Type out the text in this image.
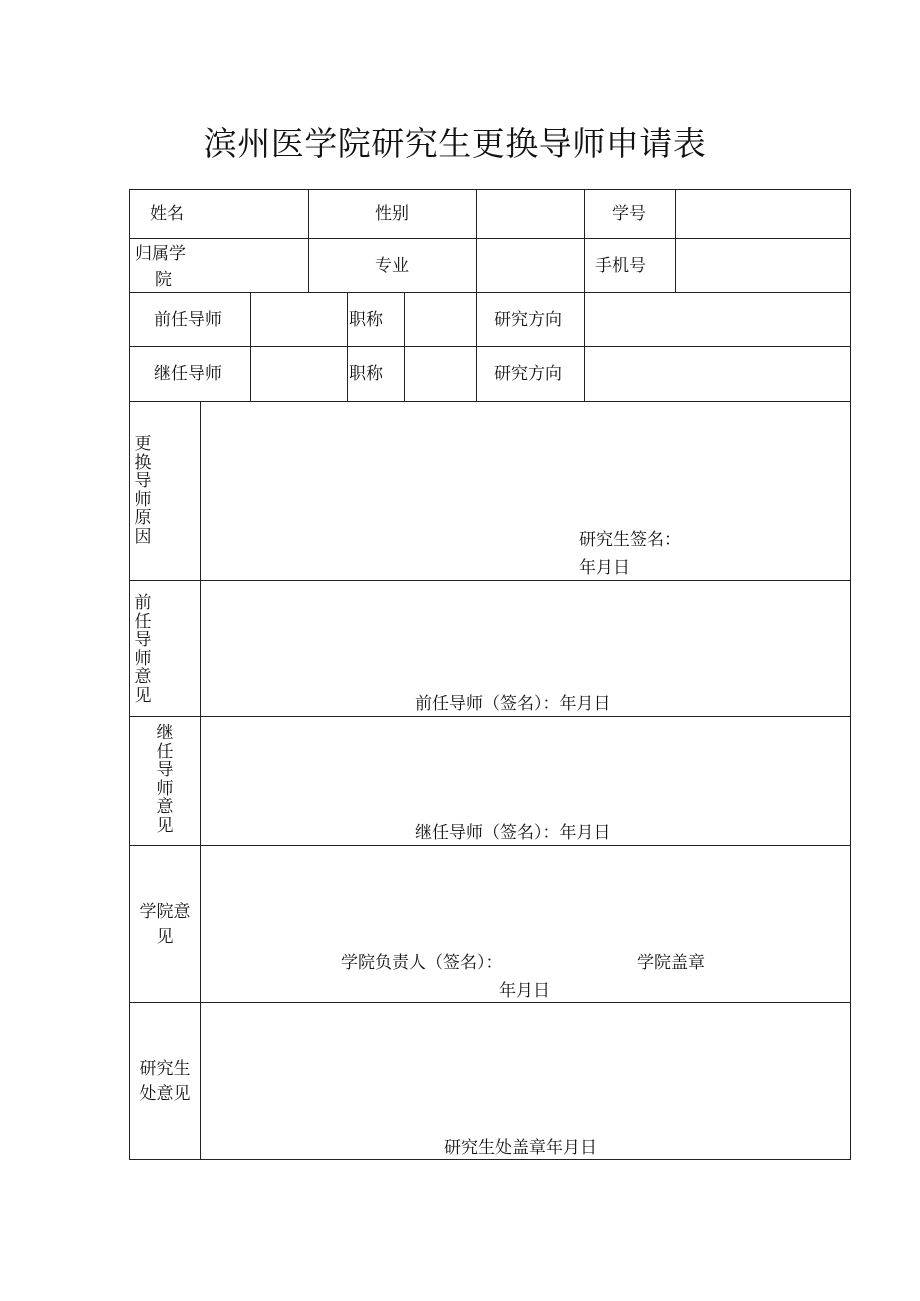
滨州医学院研究生更换导师申请表
姓名	性别	学号
归属学
院
专业	手机号
前任导师	职称	研究方向
继任导师	职称	研究方向
更
换
导
师
原
因	研究生签名：
年月日
前
任
导
师
意
见	前任导师（签名）：年月日
继
任
导
师
意
见	继任导师（签名）：年月日
学院意
见
学院负责人（签名）：	学院盖章
年月日
研究生
处意见
研究生处盖章年月日
